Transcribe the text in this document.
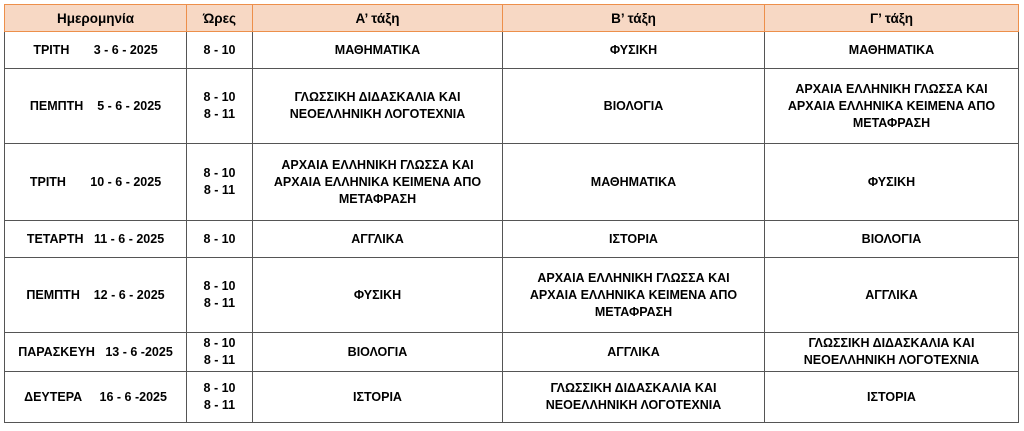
Ημερομηνία	Ώρες	Α’ τάξη	Β’ τάξη	Γ’ τάξη
ΤΡΙΤΗ       3 - 6 - 2025	8 - 10	ΜΑΘΗΜΑΤΙΚΑ	ΦΥΣΙΚΗ	ΜΑΘΗΜΑΤΙΚΑ

ΠΕΜΠΤΗ    5 - 6 - 2025	8 - 10
8 - 11	ΓΛΩΣΣΙΚΗ ΔΙΔΑΣΚΑΛΙΑ ΚΑΙ
ΝΕΟΕΛΛΗΝΙΚΗ ΛΟΓΟΤΕΧΝΙΑ	ΒΙΟΛΟΓΙΑ	ΑΡΧΑΙΑ ΕΛΛΗΝΙΚΗ ΓΛΩΣΣΑ ΚΑΙ
ΑΡΧΑΙΑ ΕΛΛΗΝΙΚΑ ΚΕΙΜΕΝΑ ΑΠΟ
ΜΕΤΑΦΡΑΣΗ

ΤΡΙΤΗ       10 - 6 - 2025	8 - 10
8 - 11	ΑΡΧΑΙΑ ΕΛΛΗΝΙΚΗ ΓΛΩΣΣΑ ΚΑΙ
ΑΡΧΑΙΑ ΕΛΛΗΝΙΚΑ ΚΕΙΜΕΝΑ ΑΠΟ
ΜΕΤΑΦΡΑΣΗ	ΜΑΘΗΜΑΤΙΚΑ	ΦΥΣΙΚΗ

ΤΕΤΑΡΤΗ   11 - 6 - 2025	8 - 10	ΑΓΓΛΙΚΑ	ΙΣΤΟΡΙΑ	ΒΙΟΛΟΓΙΑ

ΠΕΜΠΤΗ    12 - 6 - 2025	8 - 10
8 - 11	ΦΥΣΙΚΗ	ΑΡΧΑΙΑ ΕΛΛΗΝΙΚΗ ΓΛΩΣΣΑ ΚΑΙ
ΑΡΧΑΙΑ ΕΛΛΗΝΙΚΑ ΚΕΙΜΕΝΑ ΑΠΟ
ΜΕΤΑΦΡΑΣΗ	ΑΓΓΛΙΚΑ

ΠΑΡΑΣΚΕΥΗ   13 - 6 -2025	8 - 10
8 - 11	ΒΙΟΛΟΓΙΑ	ΑΓΓΛΙΚΑ	ΓΛΩΣΣΙΚΗ ΔΙΔΑΣΚΑΛΙΑ ΚΑΙ
ΝΕΟΕΛΛΗΝΙΚΗ ΛΟΓΟΤΕΧΝΙΑ

ΔΕΥΤΕΡΑ     16 - 6 -2025	8 - 10
8 - 11	ΙΣΤΟΡΙΑ	ΓΛΩΣΣΙΚΗ ΔΙΔΑΣΚΑΛΙΑ ΚΑΙ
ΝΕΟΕΛΛΗΝΙΚΗ ΛΟΓΟΤΕΧΝΙΑ	ΙΣΤΟΡΙΑ
